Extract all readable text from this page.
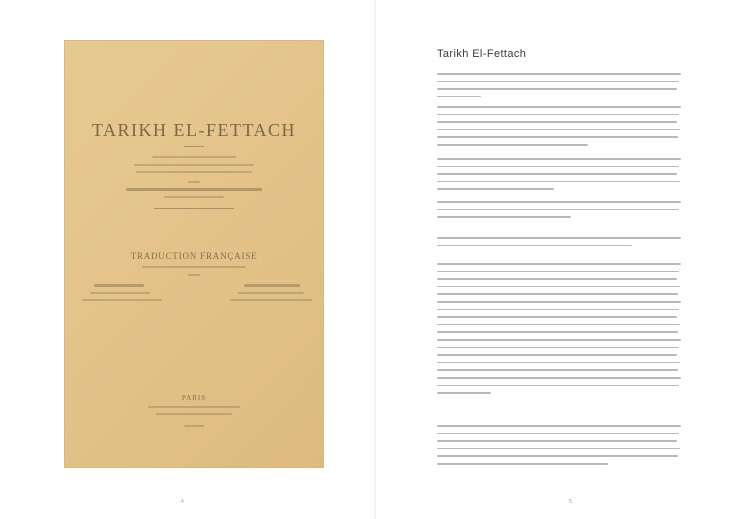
TARIKH EL-FETTACH
TRADUCTION FRANÇAISE
PARIS
4
Tarikh El-Fettach
5
